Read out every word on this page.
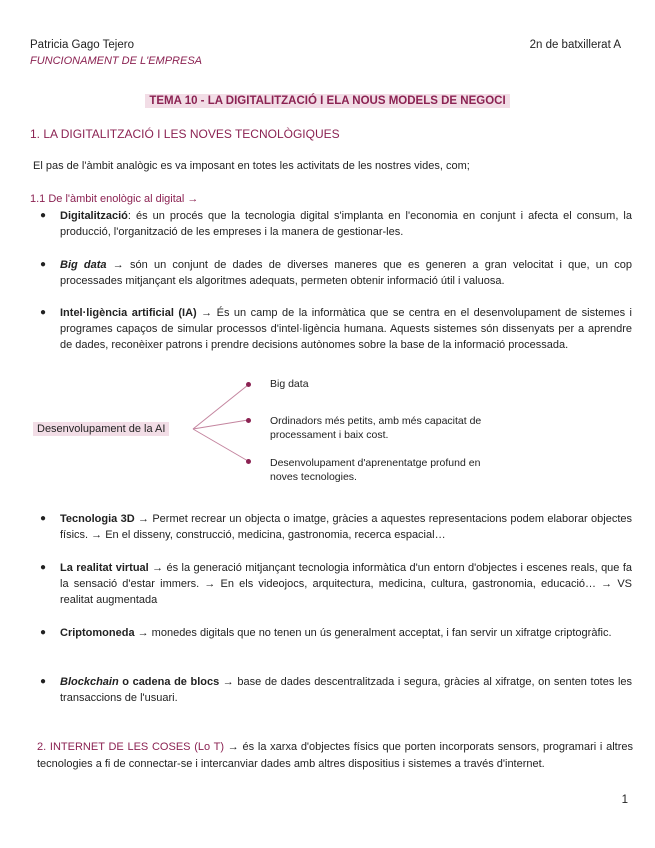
Patricia Gago Tejero	2n de batxillerat A
FUNCIONAMENT DE L'EMPRESA
TEMA 10 - LA DIGITALITZACIÓ I ELA NOUS MODELS DE NEGOCI
1. LA DIGITALITZACIÓ I LES NOVES TECNOLÒGIQUES
El pas de l'àmbit analògic es va imposant en totes les activitats de les nostres vides, com;
1.1 De l'àmbit enològic al digital →
● Digitalització: és un procés que la tecnologia digital s'implanta en l'economia en conjunt i afecta el consum, la producció, l'organització de les empreses i la manera de gestionar-les.
● Big data → són un conjunt de dades de diverses maneres que es generen a gran velocitat i que, un cop processades mitjançant els algoritmes adequats, permeten obtenir informació útil i valuosa.
● Intel·ligència artificial (IA) → És un camp de la informàtica que se centra en el desenvolupament de sistemes i programes capaços de simular processos d'intel·ligència humana. Aquests sistemes són dissenyats per a aprendre de dades, reconèixer patrons i prendre decisions autònomes sobre la base de la informació processada.
Desenvolupament de la AI
Big data
Ordinadors més petits, amb més capacitat de processament i baix cost.
Desenvolupament d'aprenentatge profund en noves tecnologies.
● Tecnologia 3D → Permet recrear un objecta o imatge, gràcies a aquestes representacions podem elaborar objectes físics. → En el disseny, construcció, medicina, gastronomia, recerca espacial…
● La realitat virtual → és la generació mitjançant tecnologia informàtica d'un entorn d'objectes i escenes reals, que fa la sensació d'estar immers. → En els videojocs, arquitectura, medicina, cultura, gastronomia, educació… → VS realitat augmentada
● Criptomoneda → monedes digitals que no tenen un ús generalment acceptat, i fan servir un xifratge criptogràfic.
● Blockchain o cadena de blocs → base de dades descentralitzada i segura, gràcies al xifratge, on senten totes les transaccions de l'usuari.
2. INTERNET DE LES COSES (Lo T) → és la xarxa d'objectes físics que porten incorporats sensors, programari i altres tecnologies a fi de connectar-se i intercanviar dades amb altres dispositius i sistemes a través d'internet.
1
